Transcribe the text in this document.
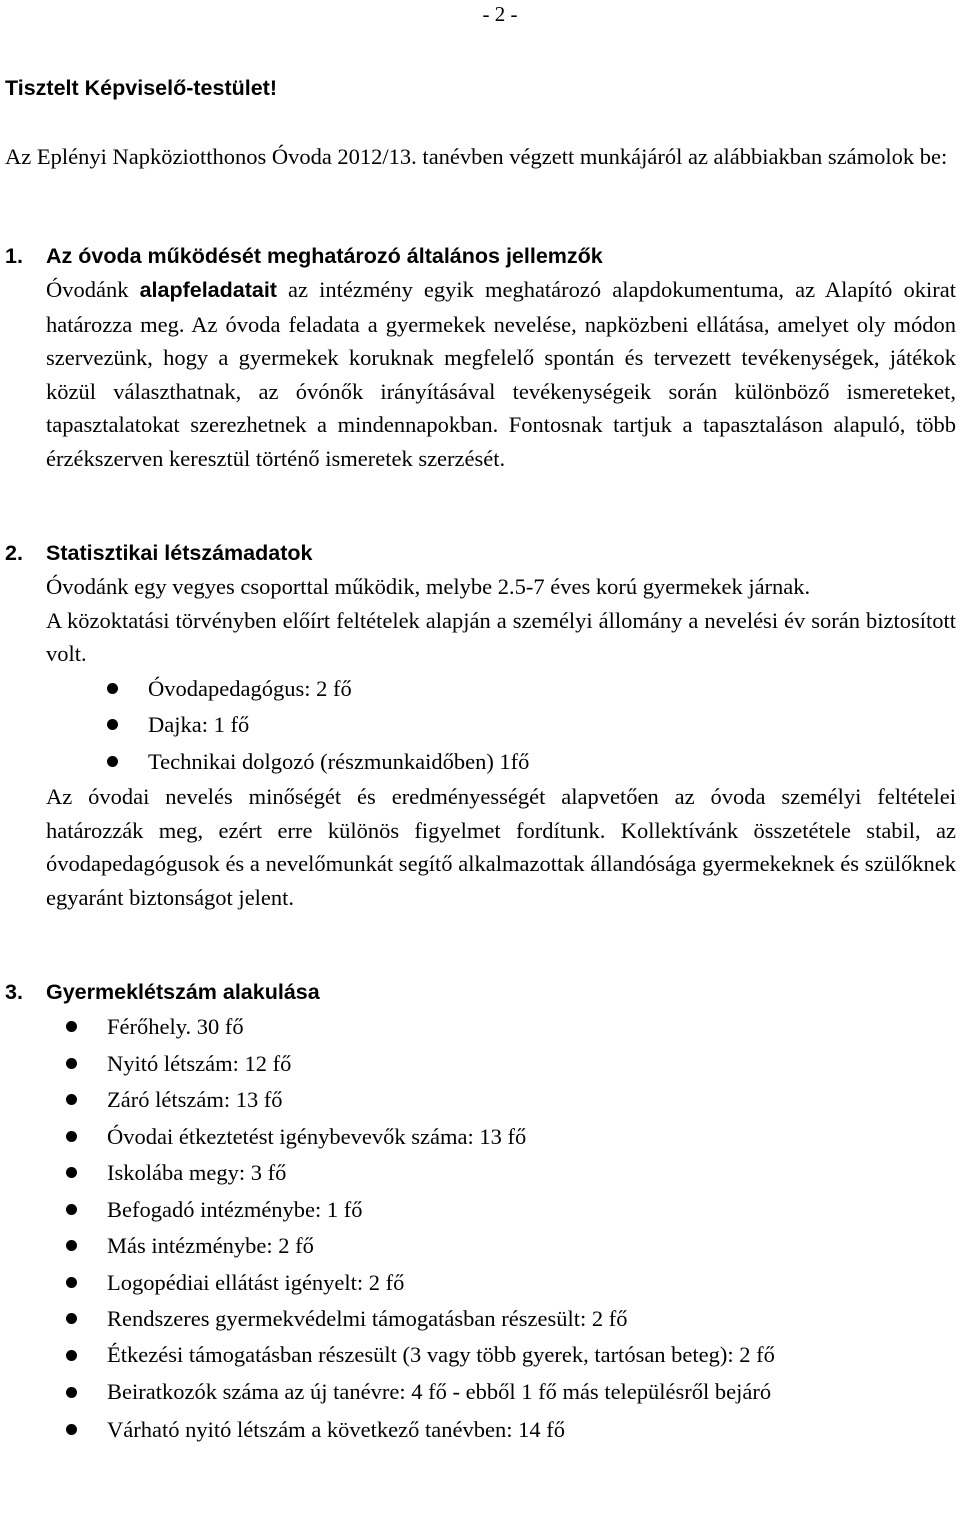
- 2 -
Tisztelt Képviselő-testület!

Az Eplényi Napköziotthonos Óvoda 2012/13. tanévben végzett munkájáról az alábbiakban számolok be:

1.	Az óvoda működését meghatározó általános jellemzők

Óvodánk alapfeladatait az intézmény egyik meghatározó alapdokumentuma, az Alapító okirat határozza meg. Az óvoda feladata a gyermekek nevelése, napközbeni ellátása, amelyet oly módon szervezünk, hogy a gyermekek koruknak megfelelő spontán és tervezett tevékenységek, játékok közül választhatnak, az óvónők irányításával tevékenységeik során különböző ismereteket, tapasztalatokat szerezhetnek a mindennapokban. Fontosnak tartjuk a tapasztaláson alapuló, több érzékszerven keresztül történő ismeretek szerzését.

2.	Statisztikai létszámadatok

Óvodánk egy vegyes csoporttal működik, melybe 2.5-7 éves korú gyermekek járnak.

A közoktatási törvényben előírt feltételek alapján a személyi állomány a nevelési év során biztosított volt.

Óvodapedagógus: 2 fő
Dajka: 1 fő
Technikai dolgozó (részmunkaidőben) 1fő

Az óvodai nevelés minőségét és eredményességét alapvetően az óvoda személyi feltételei határozzák meg, ezért erre különös figyelmet fordítunk. Kollektívánk összetétele stabil, az óvodapedagógusok és a nevelőmunkát segítő alkalmazottak állandósága gyermekeknek és szülőknek egyaránt biztonságot jelent.

3.	Gyermeklétszám alakulása
Férőhely. 30 fő
Nyitó létszám: 12 fő
Záró létszám: 13 fő
Óvodai étkeztetést igénybevevők száma: 13 fő
Iskolába megy: 3 fő
Befogadó intézménybe: 1 fő
Más intézménybe: 2 fő
Logopédiai ellátást igényelt: 2 fő
Rendszeres gyermekvédelmi támogatásban részesült: 2 fő
Étkezési támogatásban részesült (3 vagy több gyerek, tartósan beteg): 2 fő
Beiratkozók száma az új tanévre: 4 fő - ebből 1 fő más településről bejáró
Várható nyitó létszám a következő tanévben: 14 fő
